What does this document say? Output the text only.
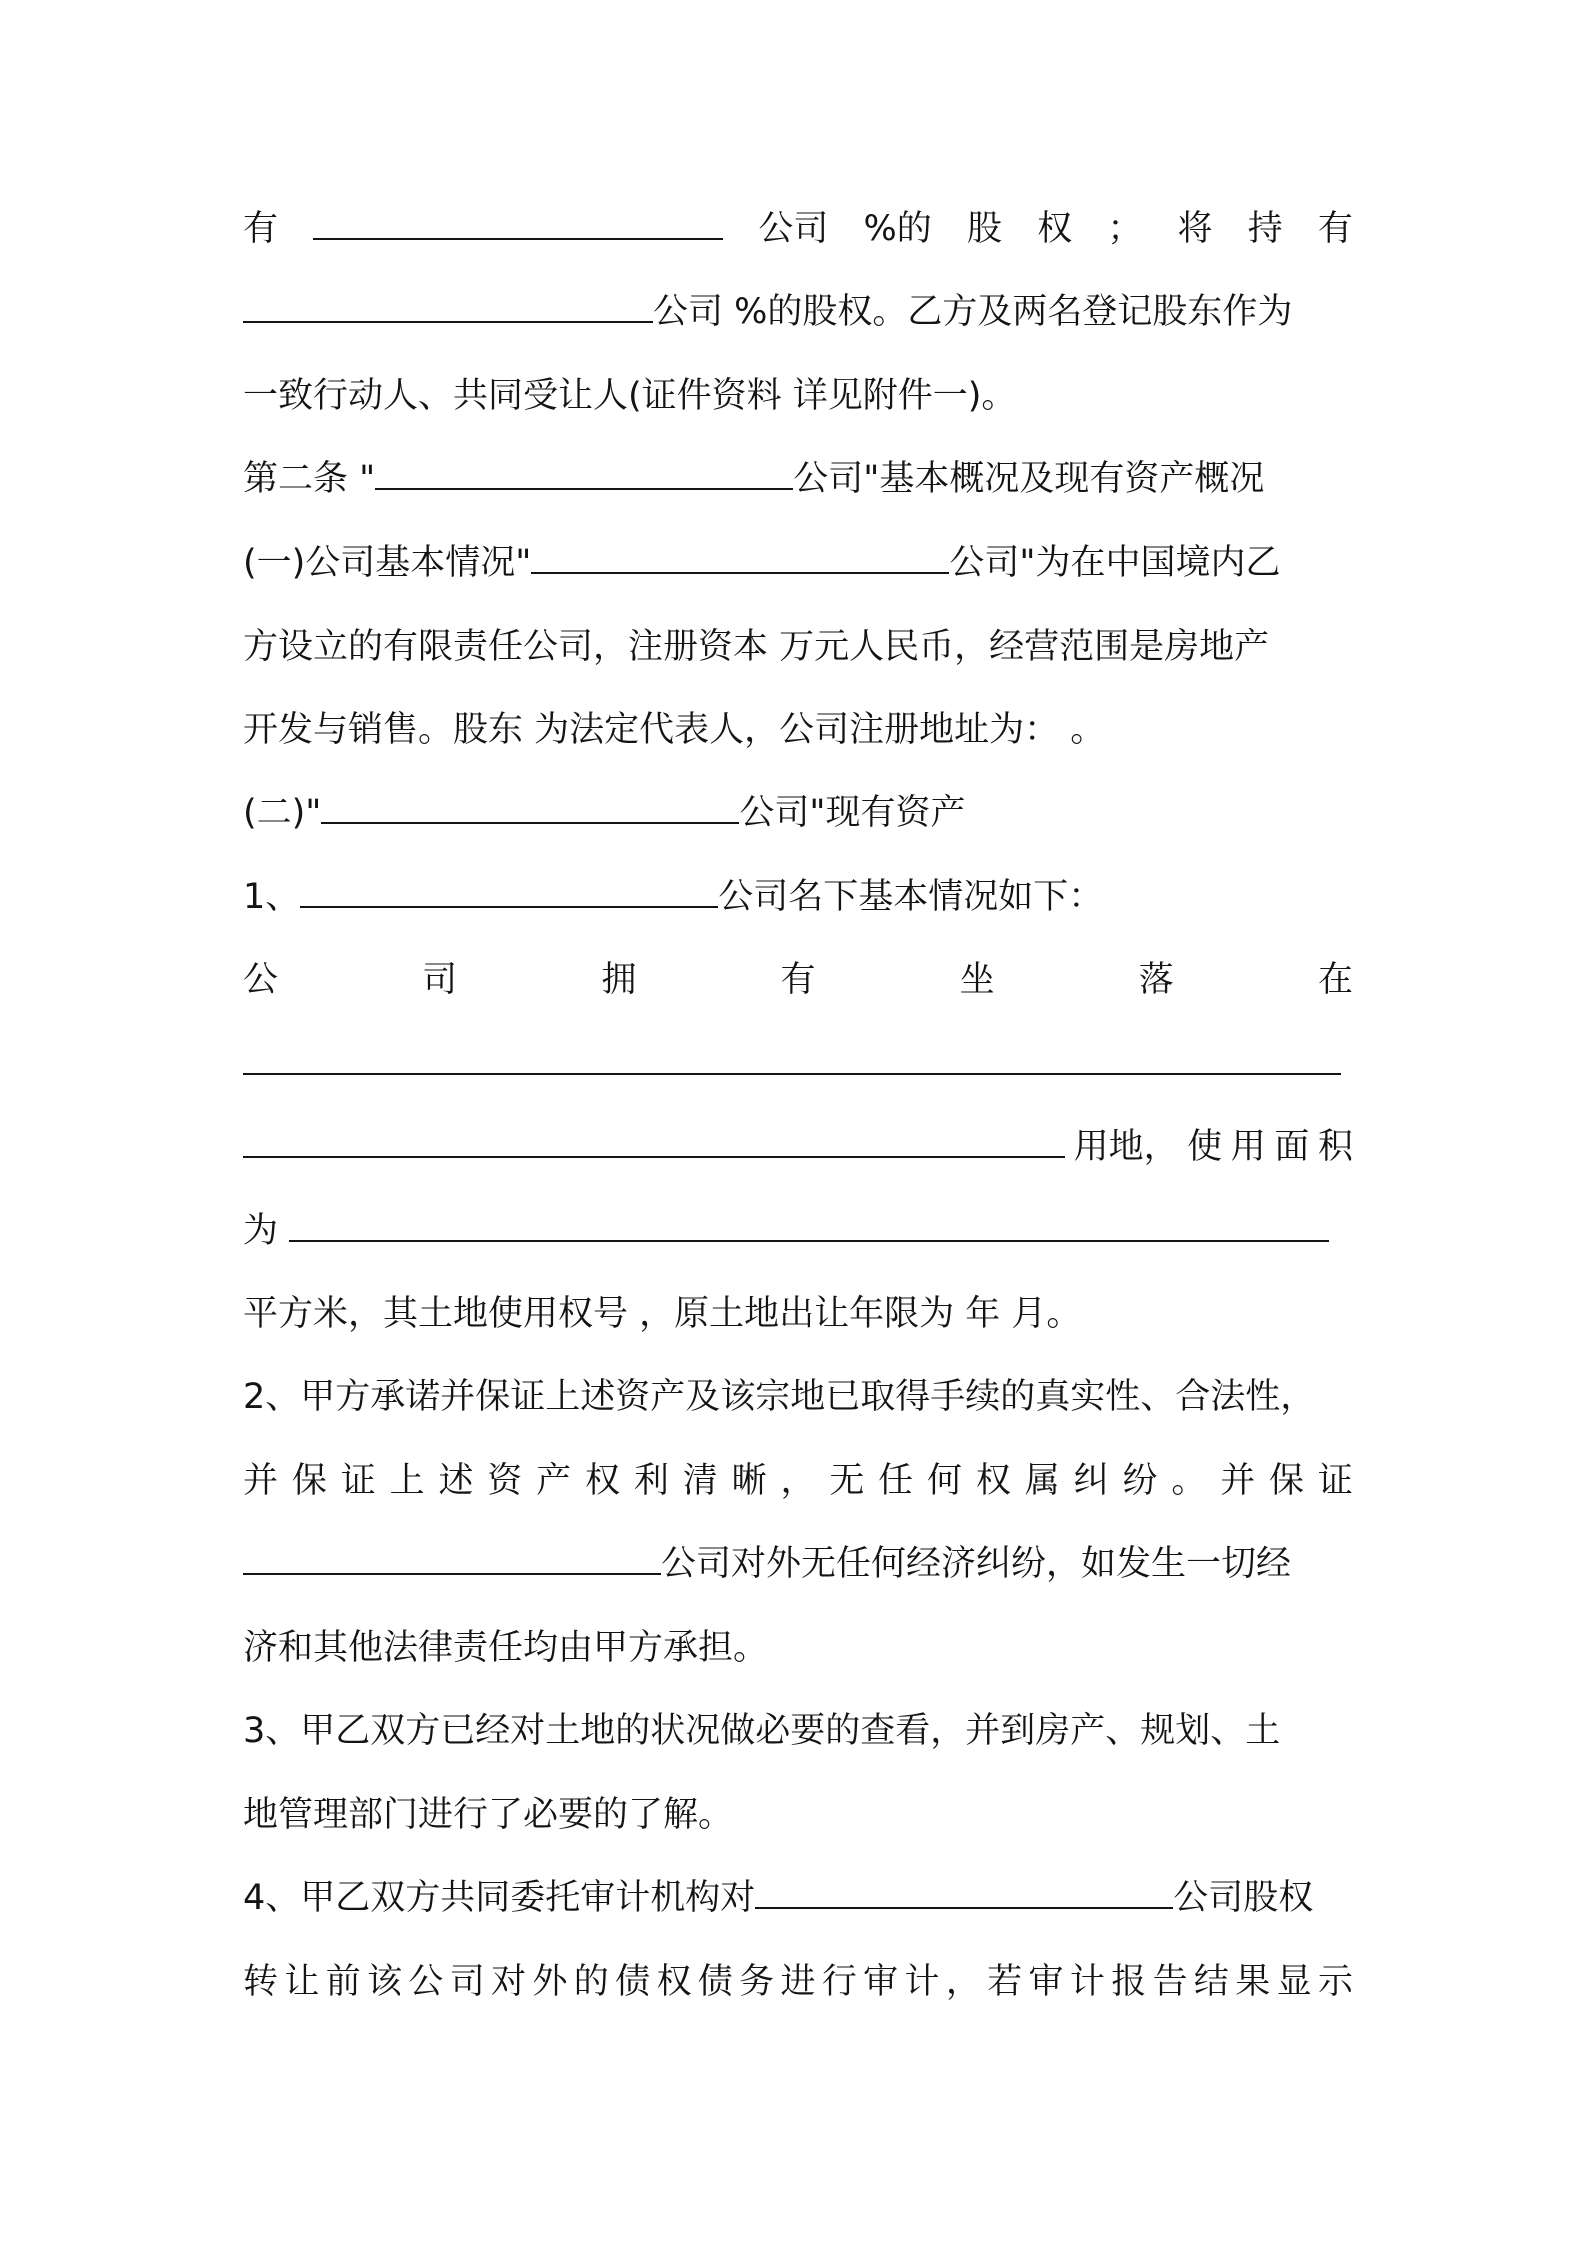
有	公司 %的 股 权 ； 将 持 有
公司 %的股权。乙方及两名登记股东作为
一致行动人、共同受让人(证件资料 详见附件一)。
第二条 "	公司"基本概况及现有资产概况
(一)公司基本情况"	公司"为在中国境内乙
方设立的有限责任公司，注册资本 万元人民币，经营范围是房地产
开发与销售。股东 为法定代表人，公司注册地址为： 。
(二)"	公司"现有资产
1、	公司名下基本情况如下：
公	司	拥	有	坐	落	在
用地， 使 用 面 积
为
平方米，其土地使用权号 ，原土地出让年限为 年 月。
2、甲方承诺并保证上述资产及该宗地已取得手续的真实性、合法性，
并 保 证 上 述 资 产 权 利 清 晰 ， 无 任 何 权 属 纠 纷 。 并 保 证
公司对外无任何经济纠纷，如发生一切经
济和其他法律责任均由甲方承担。
3、甲乙双方已经对土地的状况做必要的查看，并到房产、规划、土
地管理部门进行了必要的了解。
4、甲乙双方共同委托审计机构对	公司股权
转 让 前 该 公 司 对 外 的 债 权 债 务 进 行 审 计 ， 若 审 计 报 告 结 果 显 示
